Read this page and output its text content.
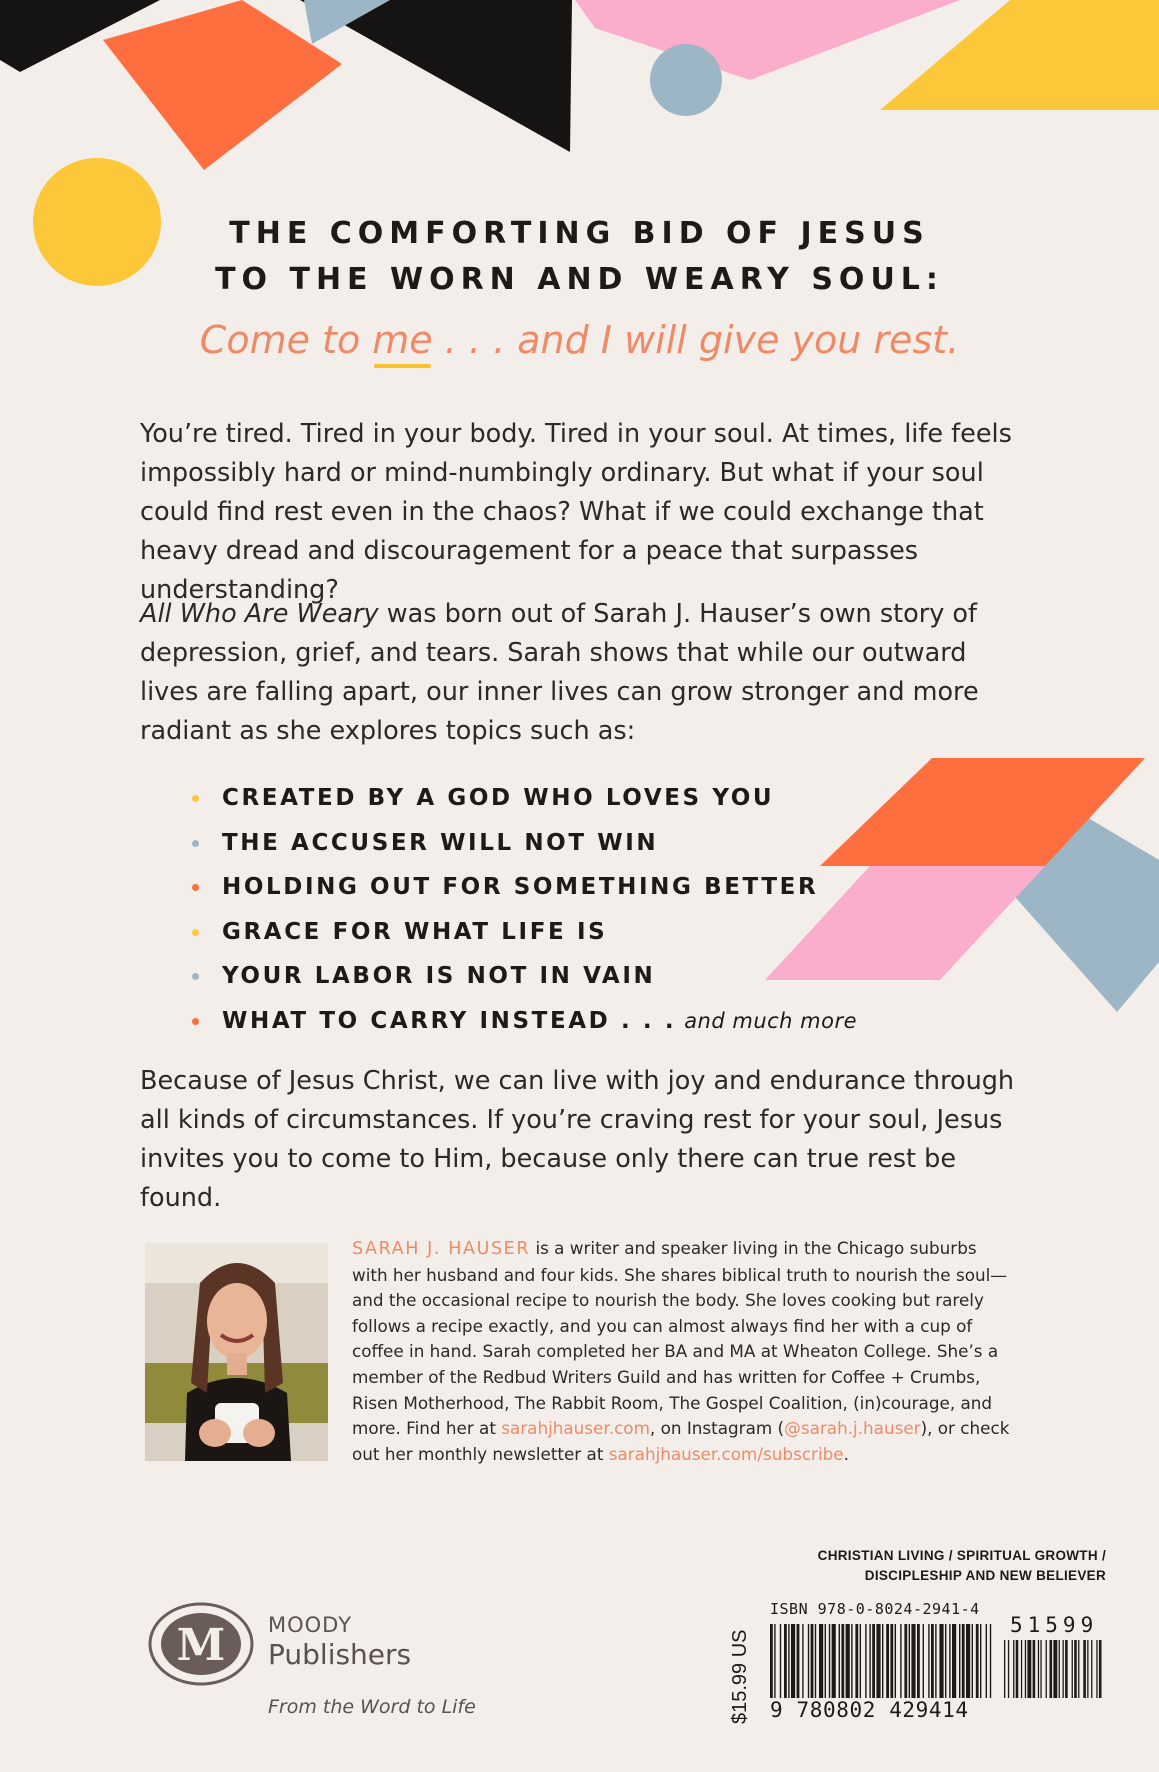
THE COMFORTING BID OF JESUS
TO THE WORN AND WEARY SOUL:
Come to me . . . and I will give you rest.

You’re tired. Tired in your body. Tired in your soul. At times, life feels impossibly hard or mind-numbingly ordinary. But what if your soul could find rest even in the chaos? What if we could exchange that heavy dread and discouragement for a peace that surpasses understanding?

All Who Are Weary was born out of Sarah J. Hauser’s own story of depression, grief, and tears. Sarah shows that while our outward lives are falling apart, our inner lives can grow stronger and more radiant as she explores topics such as:

CREATED BY A GOD WHO LOVES YOU
THE ACCUSER WILL NOT WIN
HOLDING OUT FOR SOMETHING BETTER
GRACE FOR WHAT LIFE IS
YOUR LABOR IS NOT IN VAIN
WHAT TO CARRY INSTEAD . . . and much more

Because of Jesus Christ, we can live with joy and endurance through all kinds of circumstances. If you’re craving rest for your soul, Jesus invites you to come to Him, because only there can true rest be found.

SARAH J. HAUSER is a writer and speaker living in the Chicago suburbs with her husband and four kids. She shares biblical truth to nourish the soul—and the occasional recipe to nourish the body. She loves cooking but rarely follows a recipe exactly, and you can almost always find her with a cup of coffee in hand. Sarah completed her BA and MA at Wheaton College. She’s a member of the Redbud Writers Guild and has written for Coffee + Crumbs, Risen Motherhood, The Rabbit Room, The Gospel Coalition, (in)courage, and more. Find her at sarahjhauser.com, on Instagram (@sarah.j.hauser), or check out her monthly newsletter at sarahjhauser.com/subscribe.

CHRISTIAN LIVING / SPIRITUAL GROWTH /
DISCIPLESHIP AND NEW BELIEVER
M MOODY
Publishers
From the Word to Life	$15.99 US
ISBN 978-0-8024-2941-4
9 780802 429414
51599
